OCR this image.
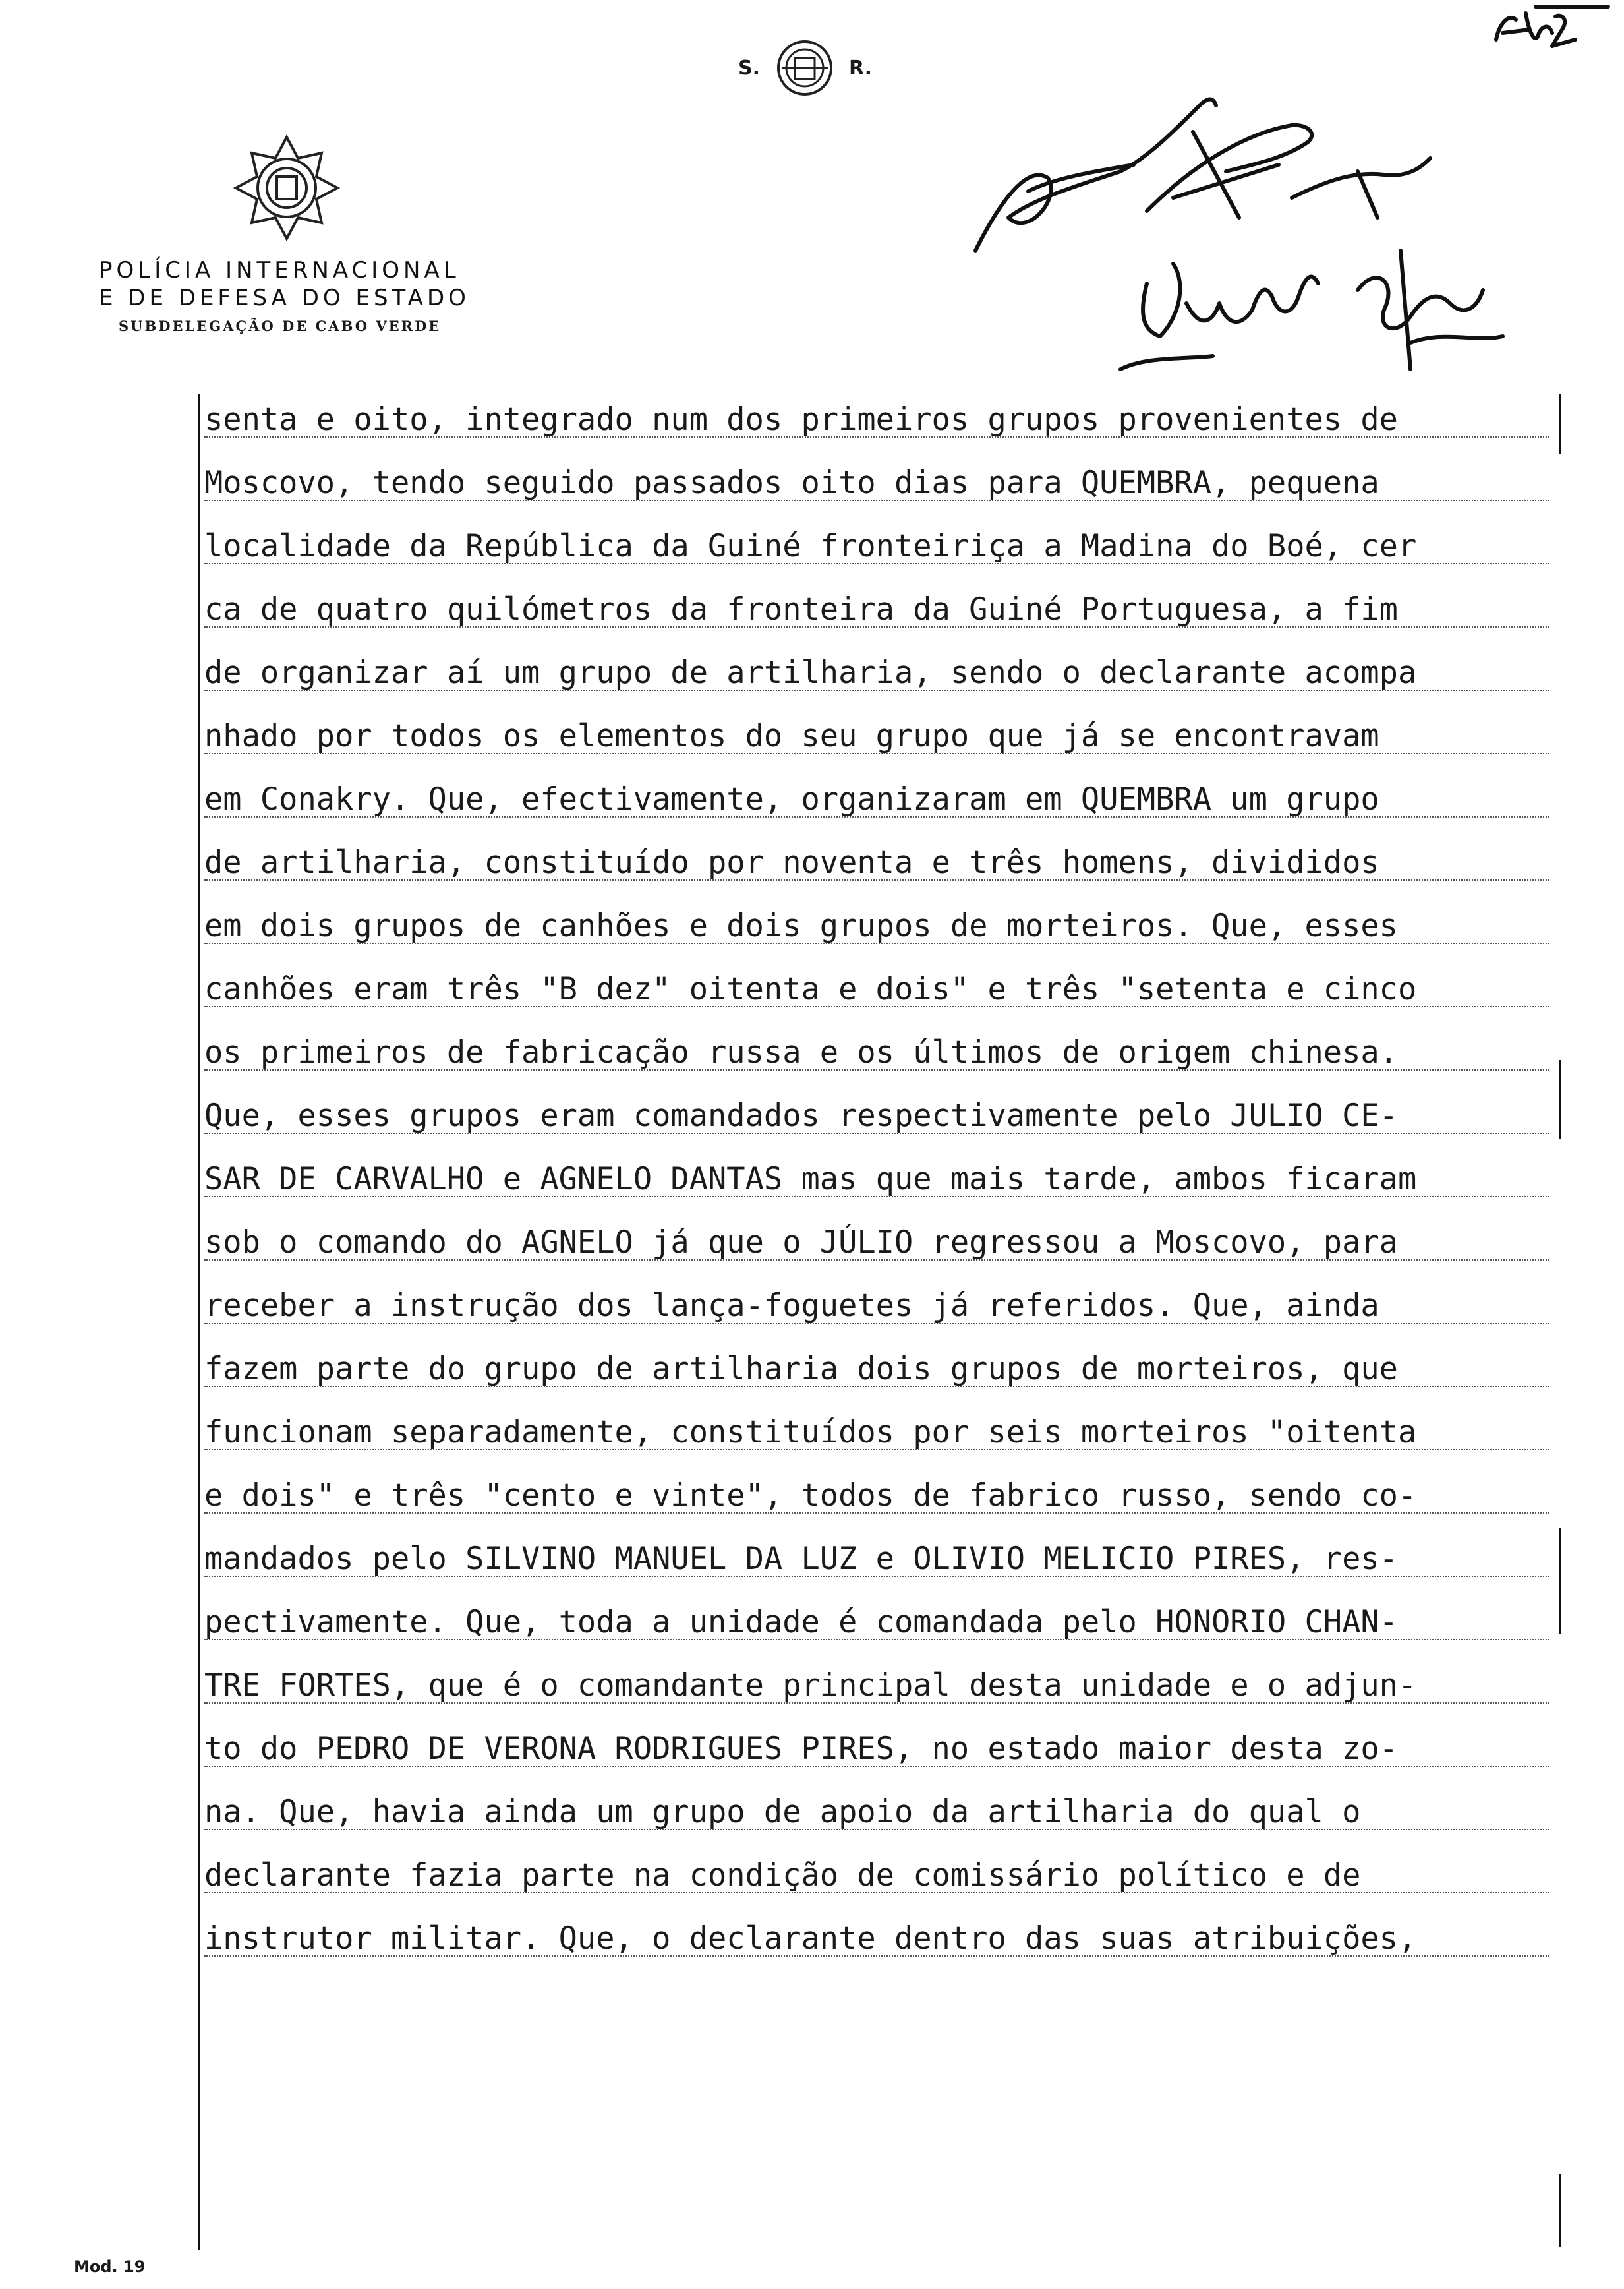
S.	R.
POLÍCIA INTERNACIONAL
E DE DEFESA DO ESTADO
SUBDELEGAÇÃO DE CABO VERDE
senta e oito, integrado num dos primeiros grupos provenientes de
Moscovo, tendo seguido passados oito dias para QUEMBRA, pequena
localidade da República da Guiné fronteiriça a Madina do Boé, cer
ca de quatro quilómetros da fronteira da Guiné Portuguesa, a fim
de organizar aí um grupo de artilharia, sendo o declarante acompa
nhado por todos os elementos do seu grupo que já se encontravam
em Conakry. Que, efectivamente, organizaram em QUEMBRA um grupo
de artilharia, constituído por noventa e três homens, divididos
em dois grupos de canhões e dois grupos de morteiros. Que, esses
canhões eram três "B dez" oitenta e dois" e três "setenta e cinco
os primeiros de fabricação russa e os últimos de origem chinesa.
Que, esses grupos eram comandados respectivamente pelo JULIO CE-
SAR DE CARVALHO e AGNELO DANTAS mas que mais tarde, ambos ficaram
sob o comando do AGNELO já que o JÚLIO regressou a Moscovo, para
receber a instrução dos lança-foguetes já referidos. Que, ainda
fazem parte do grupo de artilharia dois grupos de morteiros, que
funcionam separadamente, constituídos por seis morteiros "oitenta
e dois" e três "cento e vinte", todos de fabrico russo, sendo co-
mandados pelo SILVINO MANUEL DA LUZ e OLIVIO MELICIO PIRES, res-
pectivamente. Que, toda a unidade é comandada pelo HONORIO CHAN-
TRE FORTES, que é o comandante principal desta unidade e o adjun-
to do PEDRO DE VERONA RODRIGUES PIRES, no estado maior desta zo-
na. Que, havia ainda um grupo de apoio da artilharia do qual o
declarante fazia parte na condição de comissário político e de
instrutor militar. Que, o declarante dentro das suas atribuições,
Mod. 19
